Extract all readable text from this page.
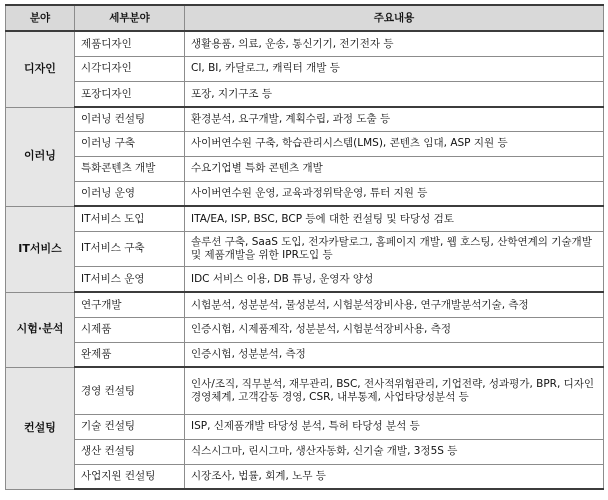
분야	세부분야	주요내용
디자인	제품디자인	생활용품, 의료, 운송, 통신기기, 전기전자 등
	시각디자인	CI, BI, 카달로그, 캐릭터 개발 등
	포장디자인	포장, 지기구조 등
이러닝	이러닝 컨설팅	환경분석, 요구개발, 계획수립, 과정 도출 등
	이러닝 구축	사이버연수원 구축, 학습관리시스템(LMS), 콘텐츠 임대, ASP 지원 등
	특화콘텐츠 개발	수요기업별 특화 콘텐츠 개발
	이러닝 운영	사이버연수원 운영, 교육과정위탁운영, 튜터 지원 등
IT서비스	IT서비스 도입	ITA/EA, ISP, BSC, BCP 등에 대한 컨설팅 및 타당성 검토
	IT서비스 구축	솔루션 구축, SaaS 도입, 전자카탈로그, 홈페이지 개발, 웹 호스팅, 산학연계의 기술개발 및 제품개발을 위한 IPR도입 등
	IT서비스 운영	IDC 서비스 이용, DB 튜닝, 운영자 양성
시험·분석	연구개발	시험분석, 성분분석, 물성분석, 시험분석장비사용, 연구개발분석기술, 측정
	시제품	인증시험, 시제품제작, 성분분석, 시험분석장비사용, 측정
	완제품	인증시험, 성분분석, 측정
컨설팅	경영 컨설팅	인사/조직, 직무분석, 재무관리, BSC, 전사적위험관리, 기업전략, 성과평가, BPR, 디자인경영체계, 고객감동 경영, CSR, 내부통제, 사업타당성분석 등
	기술 컨설팅	ISP, 신제품개발 타당성 분석, 특허 타당성 분석 등
	생산 컨설팅	식스시그마, 린시그마, 생산자동화, 신기술 개발, 3정5S 등
	사업지원 컨설팅	시장조사, 법률, 회계, 노무 등
